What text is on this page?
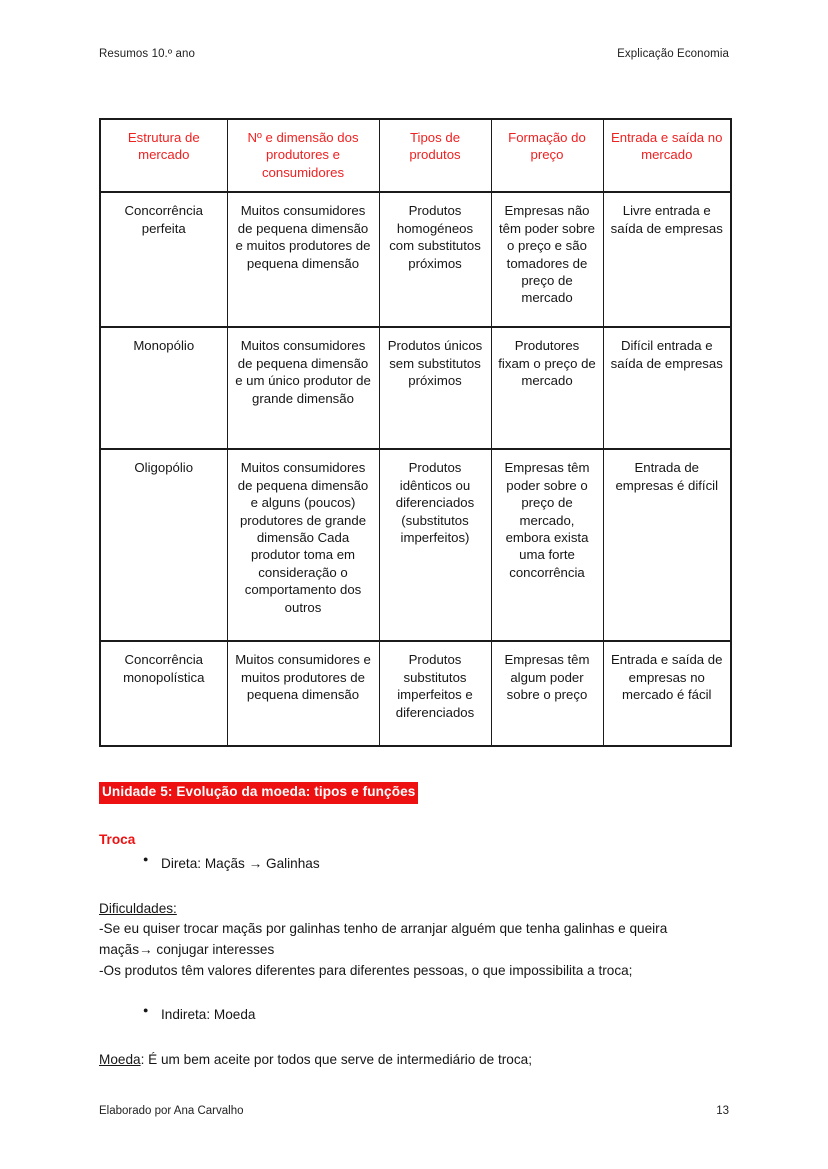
Resumos 10.º ano	Explicação Economia
Estrutura de mercado	Nº e dimensão dos produtores e consumidores	Tipos de produtos	Formação do preço	Entrada e saída no mercado
Concorrência perfeita	Muitos consumidores de pequena dimensão e muitos produtores de pequena dimensão	Produtos homogéneos com substitutos próximos	Empresas não têm poder sobre o preço e são tomadores de preço de mercado	Livre entrada e saída de empresas
Monopólio	Muitos consumidores de pequena dimensão e um único produtor de grande dimensão	Produtos únicos sem substitutos próximos	Produtores fixam o preço de mercado	Difícil entrada e saída de empresas
Oligopólio	Muitos consumidores de pequena dimensão e alguns (poucos) produtores de grande dimensão Cada produtor toma em consideração o comportamento dos outros	Produtos idênticos ou diferenciados (substitutos imperfeitos)	Empresas têm poder sobre o preço de mercado, embora exista uma forte concorrência	Entrada de empresas é difícil
Concorrência monopolística	Muitos consumidores e muitos produtores de pequena dimensão	Produtos substitutos imperfeitos e diferenciados	Empresas têm algum poder sobre o preço	Entrada e saída de empresas no mercado é fácil
Unidade 5: Evolução da moeda: tipos e funções
Troca
● Direta: Maçãs → Galinhas
Dificuldades:
-Se eu quiser trocar maçãs por galinhas tenho de arranjar alguém que tenha galinhas e queira
maçãs→ conjugar interesses
-Os produtos têm valores diferentes para diferentes pessoas, o que impossibilita a troca;
● Indireta: Moeda
Moeda: É um bem aceite por todos que serve de intermediário de troca;
Elaborado por Ana Carvalho	13
